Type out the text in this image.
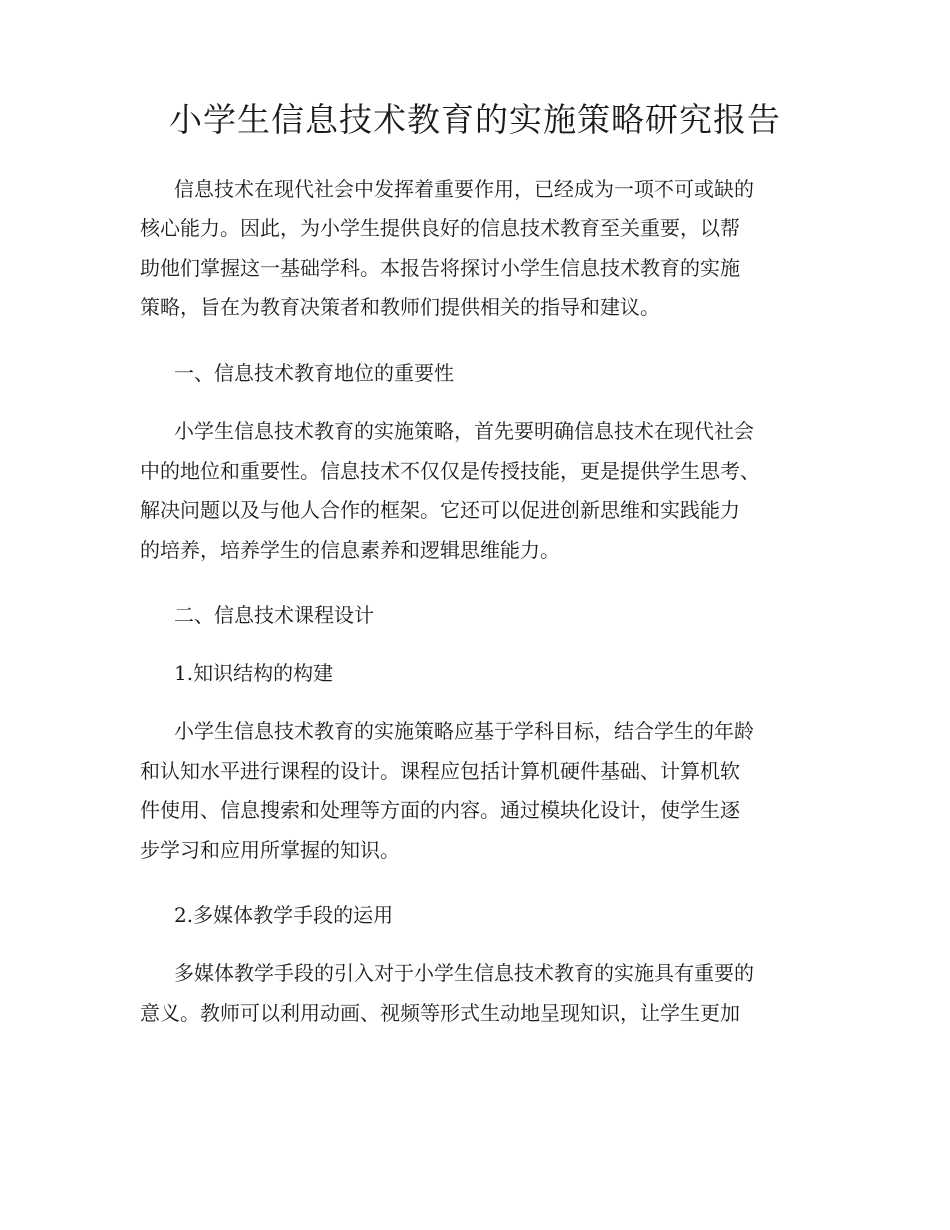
小学生信息技术教育的实施策略研究报告
信息技术在现代社会中发挥着重要作用，已经成为一项不可或缺的
核心能力。因此，为小学生提供良好的信息技术教育至关重要，以帮
助他们掌握这一基础学科。本报告将探讨小学生信息技术教育的实施
策略，旨在为教育决策者和教师们提供相关的指导和建议。
一、信息技术教育地位的重要性
小学生信息技术教育的实施策略，首先要明确信息技术在现代社会
中的地位和重要性。信息技术不仅仅是传授技能，更是提供学生思考、
解决问题以及与他人合作的框架。它还可以促进创新思维和实践能力
的培养，培养学生的信息素养和逻辑思维能力。
二、信息技术课程设计
1.知识结构的构建
小学生信息技术教育的实施策略应基于学科目标，结合学生的年龄
和认知水平进行课程的设计。课程应包括计算机硬件基础、计算机软
件使用、信息搜索和处理等方面的内容。通过模块化设计，使学生逐
步学习和应用所掌握的知识。
2.多媒体教学手段的运用
多媒体教学手段的引入对于小学生信息技术教育的实施具有重要的
意义。教师可以利用动画、视频等形式生动地呈现知识，让学生更加
